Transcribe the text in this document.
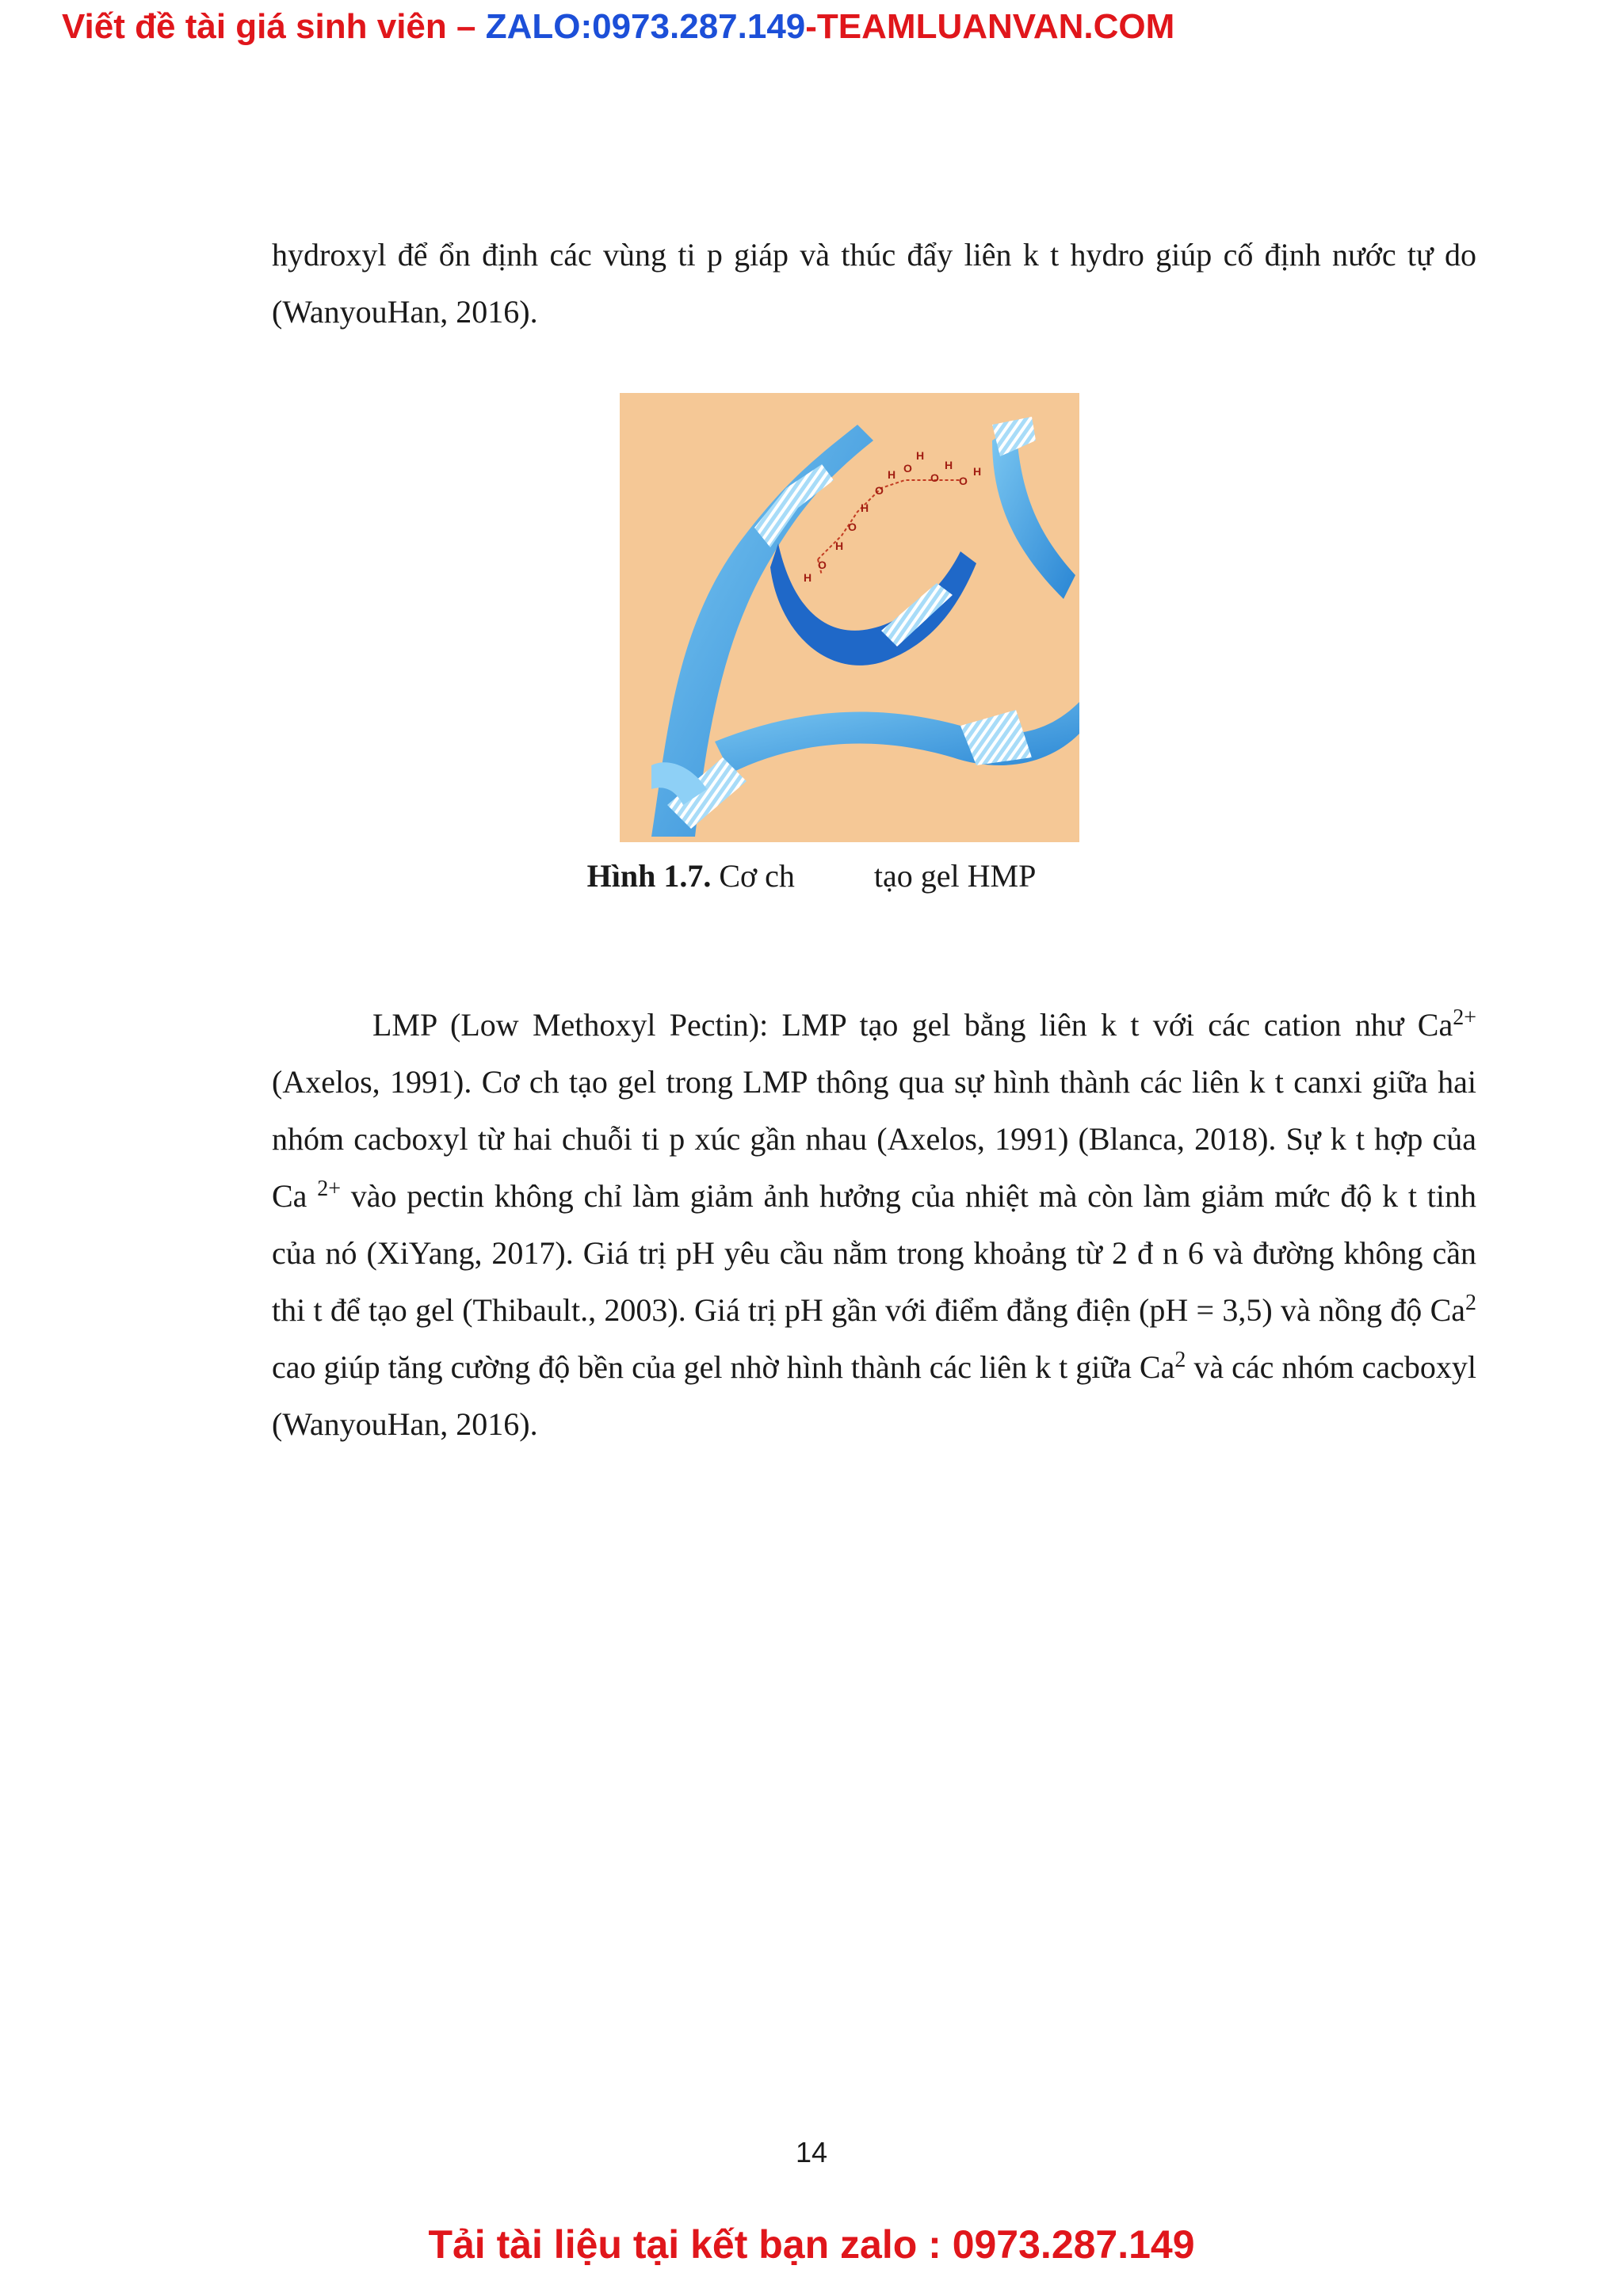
Viết đề tài giá sinh viên – ZALO:0973.287.149-TEAMLUANVAN.COM
hydroxyl để ổn định các vùng ti p giáp và thúc đẩy liên k t hydro giúp cố định nước tự do (WanyouHan, 2016).
H
O
H
O
H
O
H O
H
O
H
O
H
Hình 1.7. Cơ ch          tạo gel HMP
LMP (Low Methoxyl Pectin): LMP tạo gel bằng liên k t với các cation như $Ca^{2+}$ (Axelos, 1991). Cơ ch tạo gel trong LMP thông qua sự hình thành các liên k t canxi giữa hai nhóm cacboxyl từ hai chuỗi ti p xúc gần nhau (Axelos, 1991) (Blanca, 2018). Sự k t hợp của Ca $^{2+}$ vào pectin không chỉ làm giảm ảnh hưởng của nhiệt mà còn làm giảm mức độ k t tinh của nó (XiYang, 2017). Giá trị pH yêu cầu nằm trong khoảng từ 2 đ n 6 và đường không cần thi t để tạo gel (Thibault., 2003). Giá trị pH gần với điểm đẳng điện (pH = 3,5) và nồng độ Ca$^2$ cao giúp tăng cường độ bền của gel nhờ hình thành các liên k t giữa Ca$^2$ và các nhóm cacboxyl (WanyouHan, 2016).
14
Tải tài liệu tại kết bạn zalo : 0973.287.149
